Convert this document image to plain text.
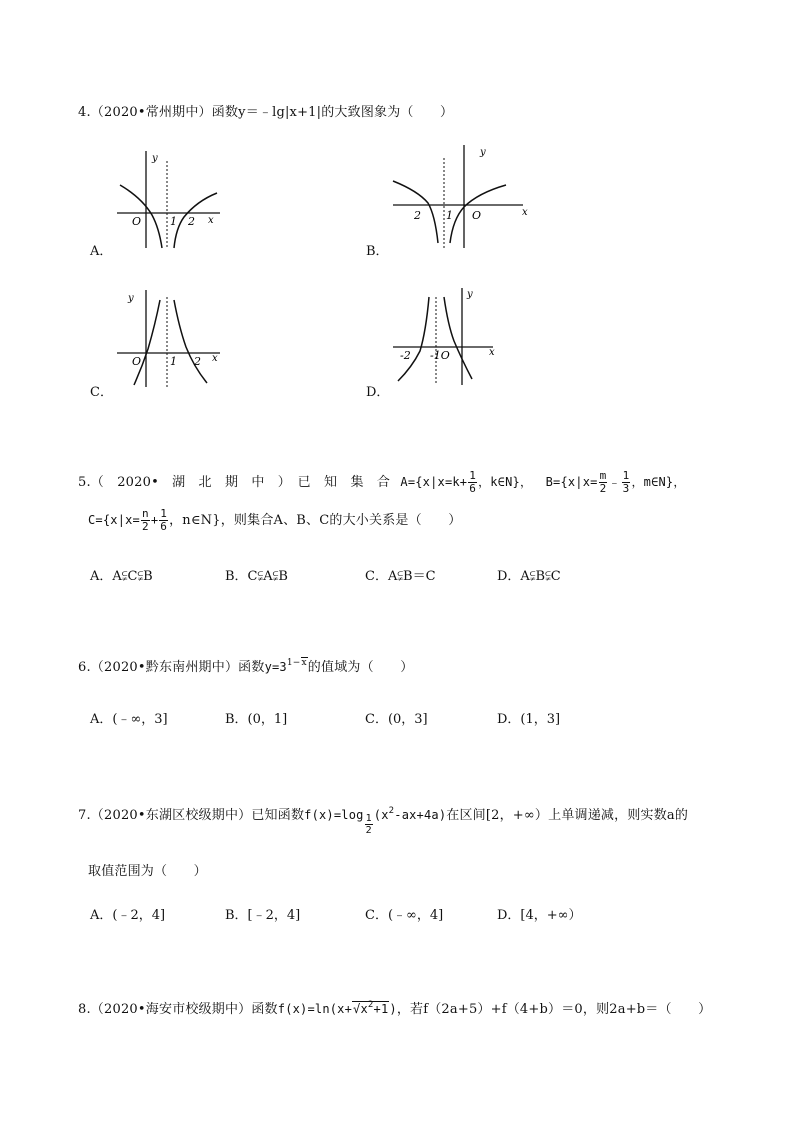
4.（2020•常州期中）函数y＝﹣lg|x+1|的大致图象为（　　）
y
O	1 2 x
A．
y
2 1 O	x
B．
y
O	1 2 x
C．
y
-2 -1O	x
D．
5.（　2020•　湖　北　期　中　）　已　知　集　合 $A=\{x|x=k+ \frac{1}{6}$ ，k∈N}， $B=\{x|x= \frac{m}{2}$ ﹣ $\frac{1}{3}$ ，m∈N}，
$C=\{x|x= \frac{n}{2} + \frac{1}{6}$ ，n∈N}，则集合A、B、C的大小关系是（　　）
A．A⫋C⫋B	B．C⫋A⫋B	C．A⫋B＝C	D．A⫋B⫋C
6.（2020•黔东南州期中）函数$y=3^{1-x}$的值域为（　　）
A．(﹣∞，3]	B．(0，1]	C．(0，3]	D．(1，3]
7.（2020•东湖区校级期中）已知函数$f(x)=\log \frac{1}{2} (x^2-ax+4a)$在区间[2，+∞）上单调递减，则实数a的
取值范围为（　　）
A．(﹣2，4]	B．[﹣2，4]	C．(﹣∞，4]	D．[4，+∞）
8.（2020•海安市校级期中）函数$f(x)=\ln(x+√x^2+1)$，若f（2a+5）+f（4+b）＝0，则2a+b＝（　　）
